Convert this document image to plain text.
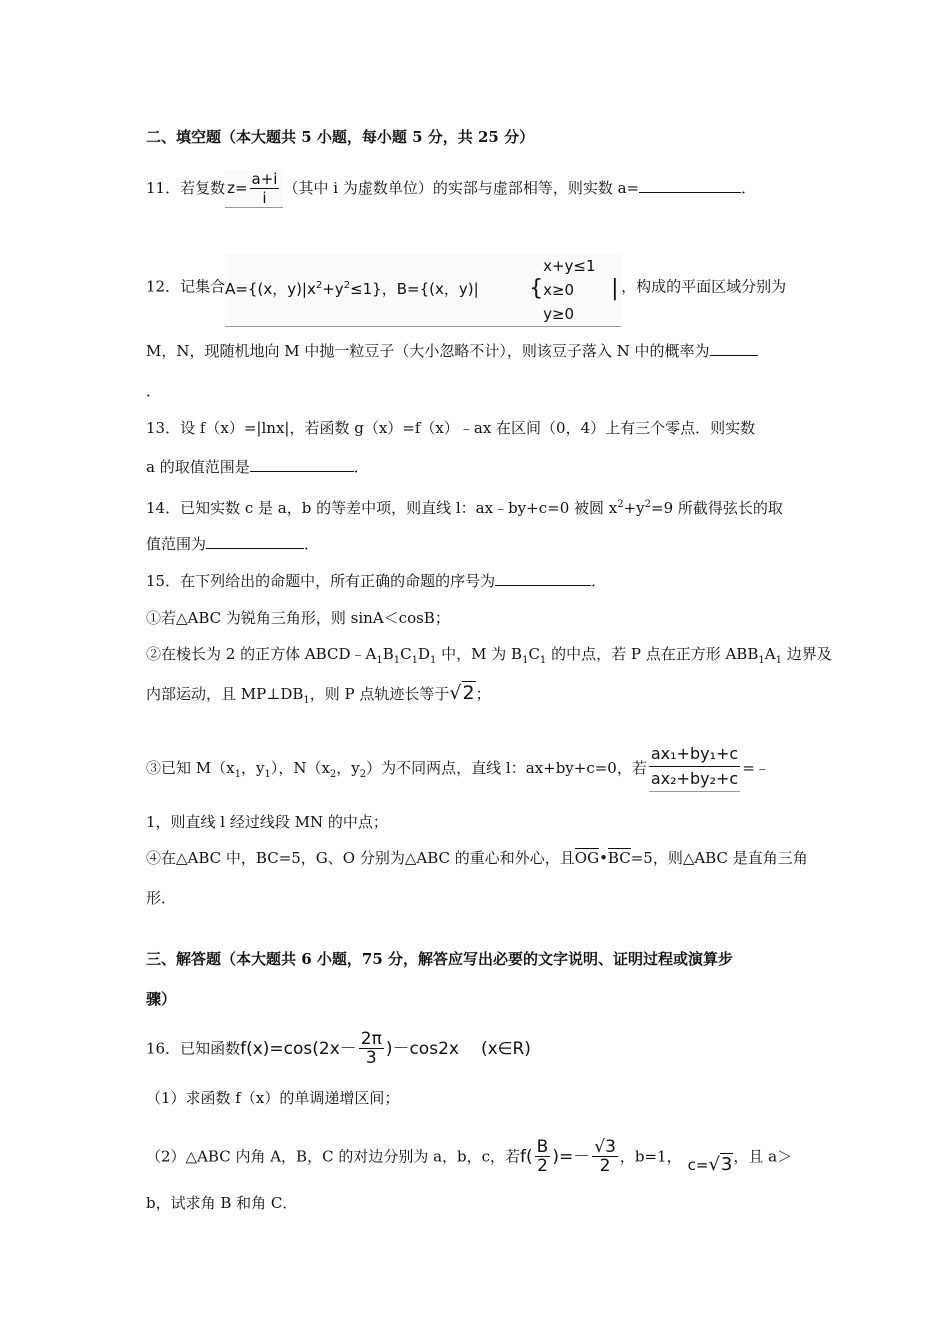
二、填空题（本大题共 5 小题，每小题 5 分，共 25 分）
11．若复数 $z= \frac{a+i}{i}$ （其中 i 为虚数单位）的实部与虚部相等，则实数 a=	．
12．记集合 A={(x，$y)|x^2+y^2\le 1$}，B={(x，y)| {
x+y≤1
x≥0
y≥0
| ，构成的平面区域分别为
M，N，现随机地向 M 中抛一粒豆子（大小忽略不计），则该豆子落入 N 中的概率为
．
13．设 f（x）=|lnx|，若函数 g（x）=f（x）﹣ax 在区间（0，4）上有三个零点．则实数
a 的取值范围是	．
14．已知实数 c 是 a，b 的等差中项，则直线 l：ax﹣by+c=0 被圆 $x^2+y^2=9$ 所截得弦长的取
值范围为	．
15．在下列给出的命题中，所有正确的命题的序号为	．
①若△ABC 为锐角三角形，则 sinA＜cosB；
②在棱长为 2 的正方体 $ABCD﹣A_1B_1C_1D_1$ 中，M 为 $B_1C_1$ 的中点，若 P 点在正方形 $ABB_1A_1$ 边界及
内部运动，且 $MP\perp DB_1$，则 P 点轨迹长等于√2；
③已知 $M(x_1$，$y_1$），$N(x_2$，$y_2$）为不同两点，直线 l：ax+by+c=0，若 $\frac{\text{ax₁+by₁+c}}{\text{ax₂+by₂+c}}$ =﹣
1，则直线 l 经过线段 MN 的中点；
④在△ABC 中，BC=5，G、O 分别为△ABC 的重心和外心，且OG•BC=5，则△ABC 是直角三角
形．
三、解答题（本大题共 6 小题，75 分，解答应写出必要的文字说明、证明过程或演算步
骤）
16．已知函数$f(x)=\cos(2x- \frac{2\pi}{3} )-\cos 2x$ (x∈R)
（1）求函数 f（x）的单调递增区间；
（2）△ABC 内角 A，B，C 的对边分别为 a，b，c，若$f( \frac{B}{2}$ )=－ $\frac{√3}{2}$ ，b=1， c=√3，且 a＞
b，试求角 B 和角 C．
